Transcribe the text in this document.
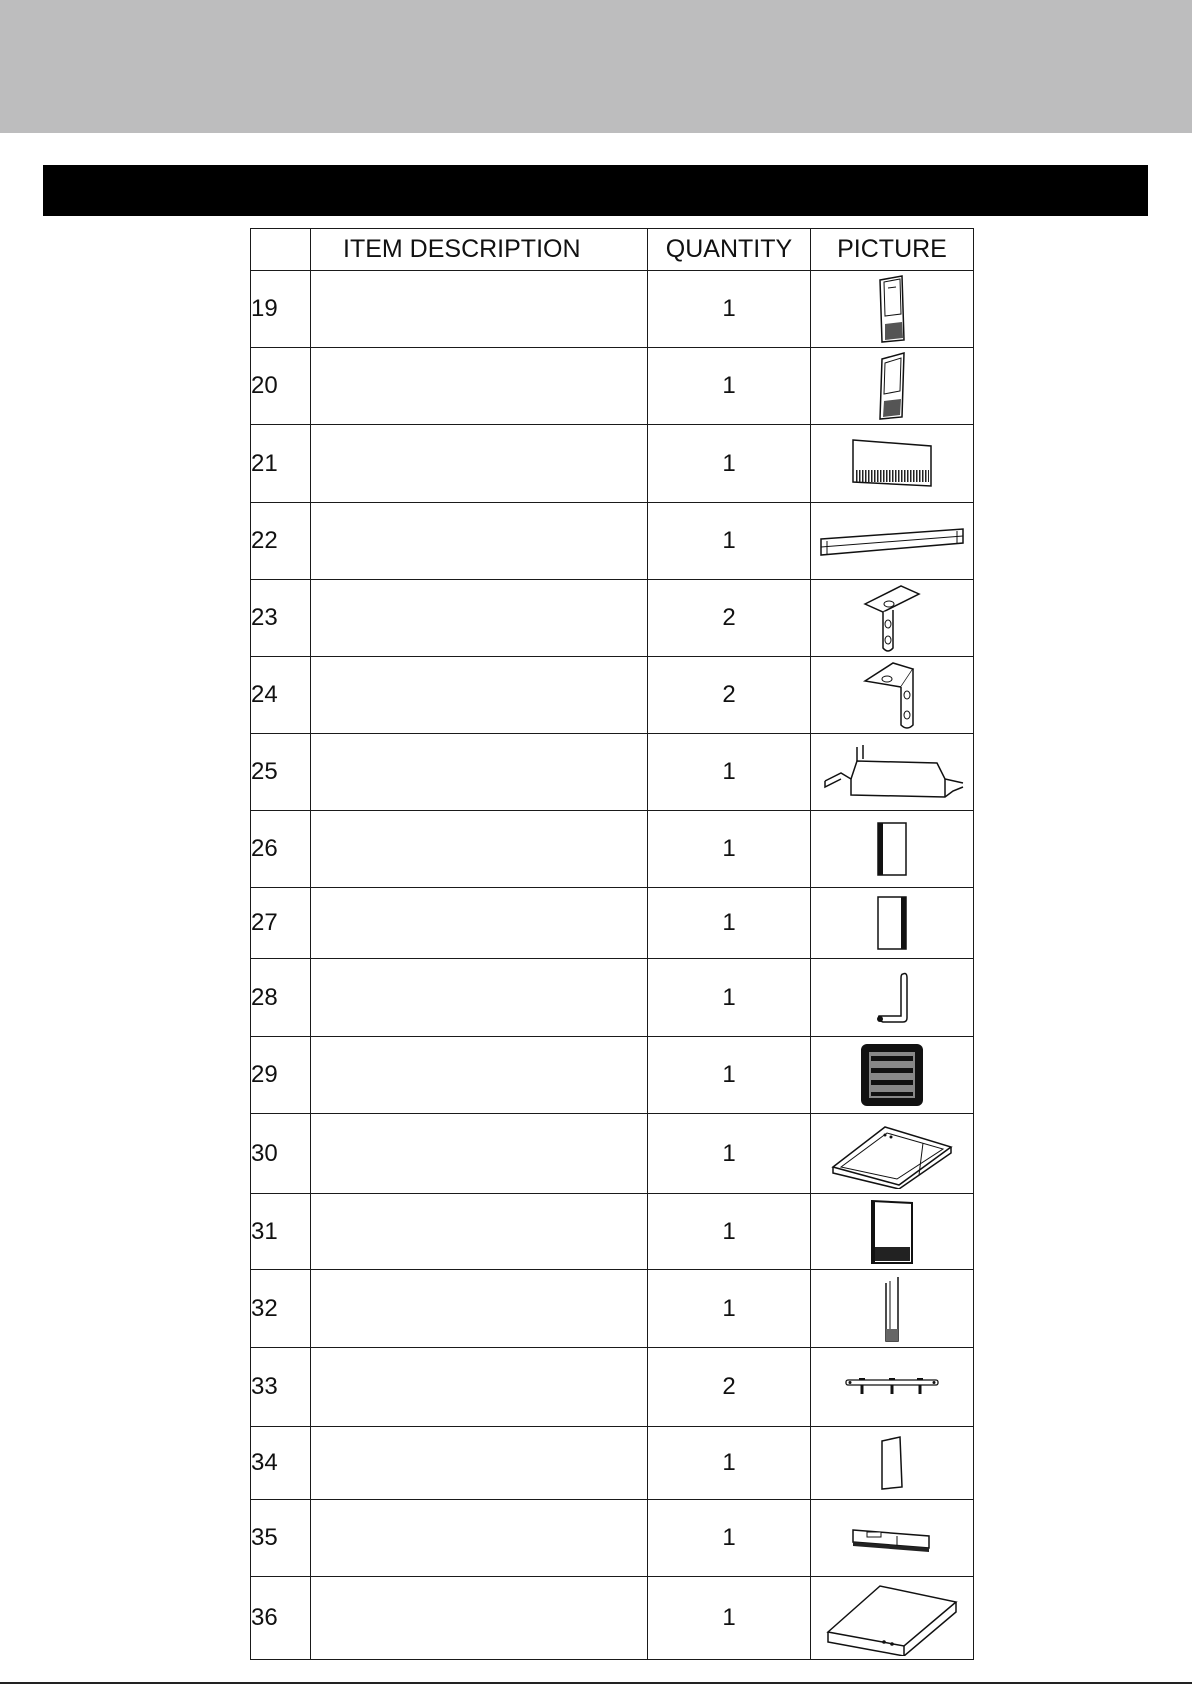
	ITEM DESCRIPTION	QUANTITY	PICTURE
19		1	

20		1	

21		1	

22		1	

23		2	

24		2	

25		1	

26		1	

27		1	

28		1	

29		1	

30		1	

31		1	

32		1	

33		2	

34		1	

35		1	

36		1	
